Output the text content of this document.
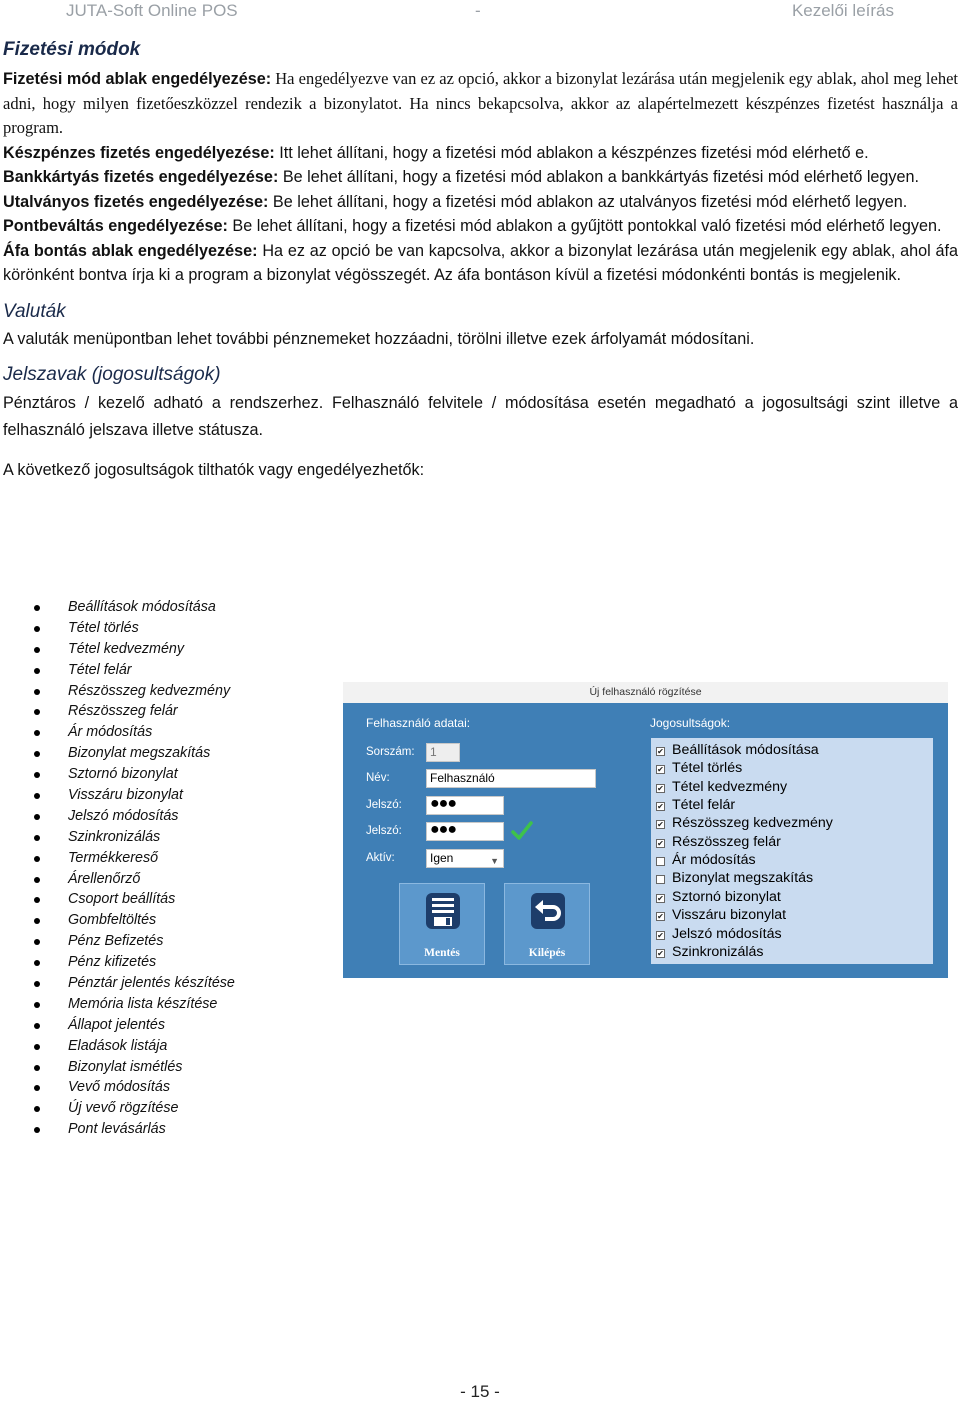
JUTA-Soft Online POS	-	Kezelői leírás
Fizetési módok

Fizetési mód ablak engedélyezése: Ha engedélyezve van ez az opció, akkor a bizonylat lezárása után megjelenik egy ablak, ahol meg lehet adni, hogy milyen fizetőeszközzel rendezik a bizonylatot. Ha nincs bekapcsolva, akkor az alapértelmezett készpénzes fizetést használja a program.

Készpénzes fizetés engedélyezése: Itt lehet állítani, hogy a fizetési mód ablakon a készpénzes fizetési mód elérhető e.

Bankkártyás fizetés engedélyezése: Be lehet állítani, hogy a fizetési mód ablakon a bankkártyás fizetési mód elérhető legyen.

Utalványos fizetés engedélyezése: Be lehet állítani, hogy a fizetési mód ablakon az utalványos fizetési mód elérhető legyen.

Pontbeváltás engedélyezése: Be lehet állítani, hogy a fizetési mód ablakon a gyűjtött pontokkal való fizetési mód elérhető legyen.

Áfa bontás ablak engedélyezése: Ha ez az opció be van kapcsolva, akkor a bizonylat lezárása után megjelenik egy ablak, ahol áfa körönként bontva írja ki a program a bizonylat végösszegét. Az áfa bontáson kívül a fizetési módonkénti bontás is megjelenik.

Valuták

A valuták menüpontban lehet további pénznemeket hozzáadni, törölni illetve ezek árfolyamát módosítani.

Jelszavak (jogosultságok)

Pénztáros / kezelő adható a rendszerhez. Felhasználó felvitele / módosítása esetén megadható a jogosultsági szint illetve a felhasználó jelszava illetve státusza.

A következő jogosultságok tilthatók vagy engedélyezhetők:

Beállítások módosítása
Tétel törlés
Tétel kedvezmény
Tétel felár
Részösszeg kedvezmény
Részösszeg felár
Ár módosítás
Bizonylat megszakítás
Sztornó bizonylat
Visszáru bizonylat
Jelszó módosítás
Szinkronizálás
Termékkereső
Árellenőrző
Csoport beállítás
Gombfeltöltés
Pénz Befizetés
Pénz kifizetés
Pénztár jelentés készítése
Memória lista készítése
Állapot jelentés
Eladások listája
Bizonylat ismétlés
Vevő módosítás
Új vevő rögzítése
Pont levásárlás
Új felhasználó rögzítése
Felhasználó adatai:	Jogosultságok:
Sorszám:	1
Név:	Felhasználó
Jelszó: ●●●
Jelszó: ●●●
Aktív:	Igen	▼
Mentés	Kilépés
✔ Beállítások módosítása
✔ Tétel törlés
✔ Tétel kedvezmény
✔ Tétel felár
✔ Részösszeg kedvezmény
✔ Részösszeg felár
Ár módosítás
Bizonylat megszakítás
✔ Sztornó bizonylat
✔ Visszáru bizonylat
✔ Jelszó módosítás
✔ Szinkronizálás
- 15 -
